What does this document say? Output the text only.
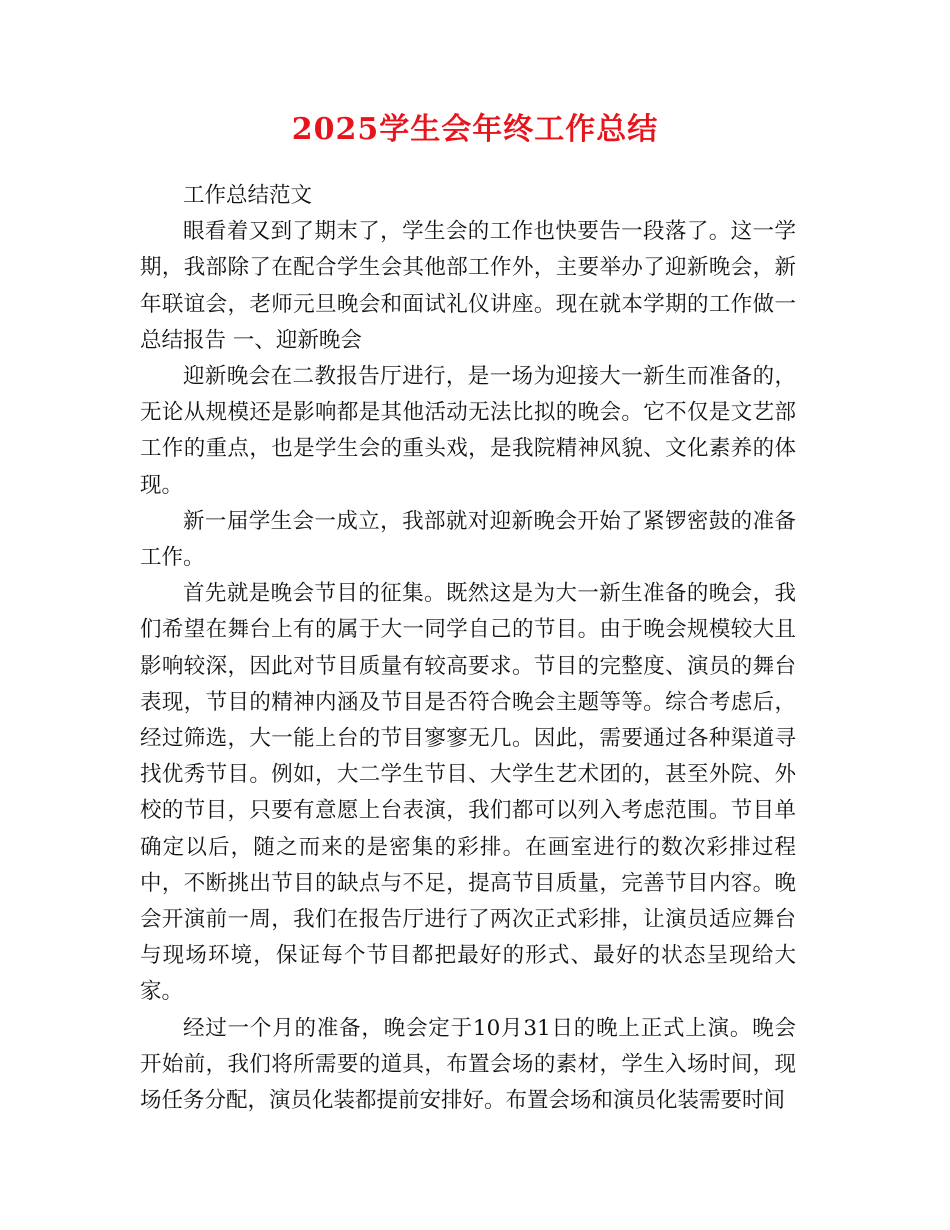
2025学生会年终工作总结

工作总结范文

眼看着又到了期末了，学生会的工作也快要告一段落了。这一学期，我部除了在配合学生会其他部工作外，主要举办了迎新晚会，新年联谊会，老师元旦晚会和面试礼仪讲座。现在就本学期的工作做一总结报告 一、迎新晚会

迎新晚会在二教报告厅进行，是一场为迎接大一新生而准备的，无论从规模还是影响都是其他活动无法比拟的晚会。它不仅是文艺部工作的重点，也是学生会的重头戏，是我院精神风貌、文化素养的体现。

新一届学生会一成立，我部就对迎新晚会开始了紧锣密鼓的准备工作。

首先就是晚会节目的征集。既然这是为大一新生准备的晚会，我们希望在舞台上有的属于大一同学自己的节目。由于晚会规模较大且影响较深，因此对节目质量有较高要求。节目的完整度、演员的舞台表现，节目的精神内涵及节目是否符合晚会主题等等。综合考虑后，经过筛选，大一能上台的节目寥寥无几。因此，需要通过各种渠道寻找优秀节目。例如，大二学生节目、大学生艺术团的，甚至外院、外校的节目，只要有意愿上台表演，我们都可以列入考虑范围。节目单确定以后，随之而来的是密集的彩排。在画室进行的数次彩排过程中，不断挑出节目的缺点与不足，提高节目质量，完善节目内容。晚会开演前一周，我们在报告厅进行了两次正式彩排，让演员适应舞台与现场环境，保证每个节目都把最好的形式、最好的状态呈现给大家。

经过一个月的准备，晚会定于10月31日的晚上正式上演。晚会开始前，我们将所需要的道具，布置会场的素材，学生入场时间，现场任务分配，演员化装都提前安排好。布置会场和演员化装需要时间
